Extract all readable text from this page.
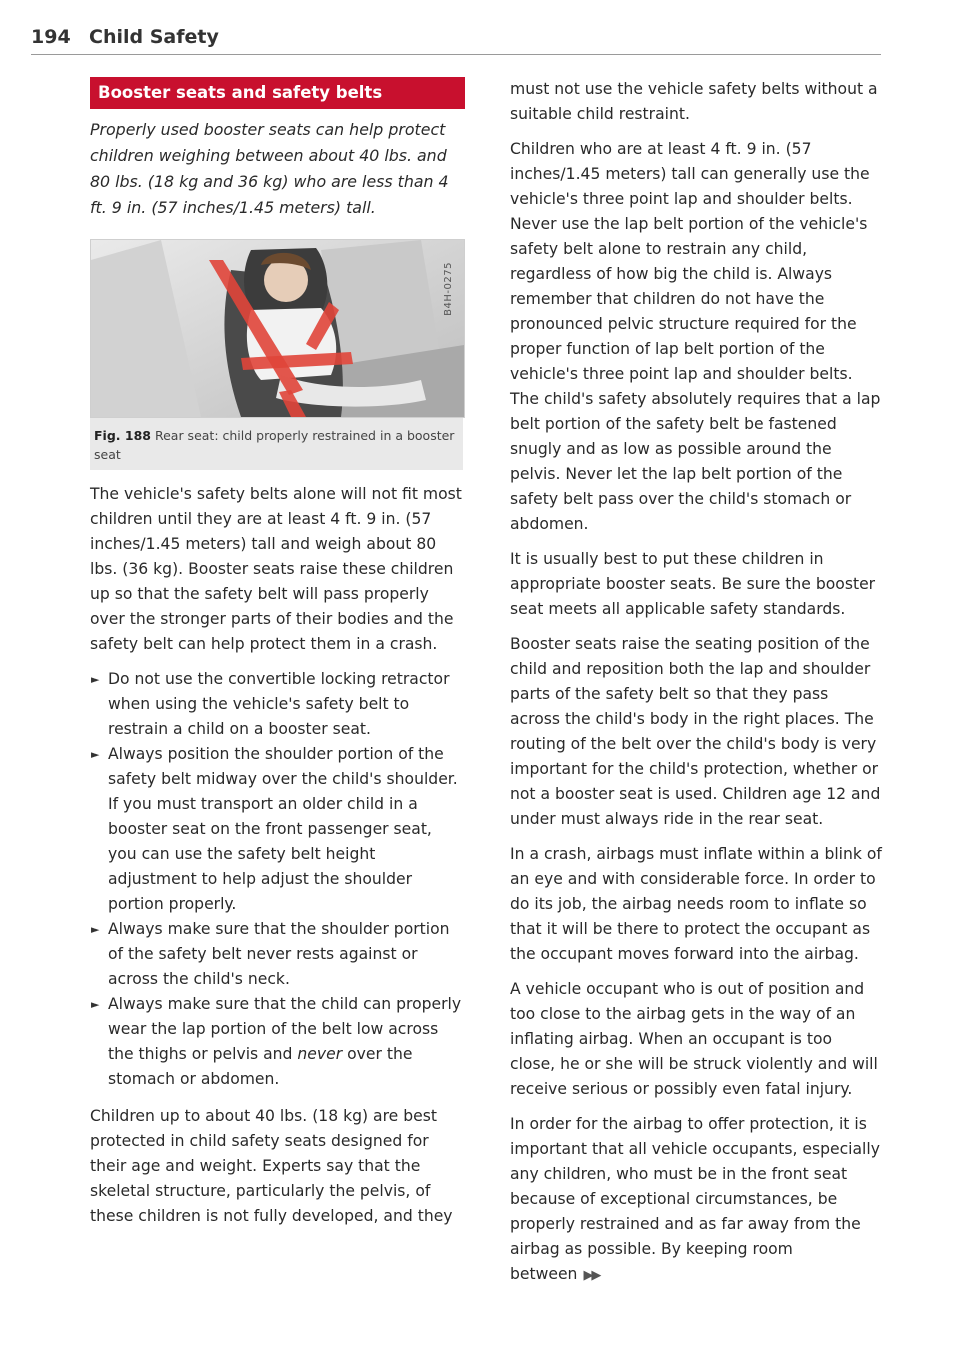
194 Child Safety
Booster seats and safety belts

Properly used booster seats can help protect children weighing between about 40 lbs. and 80 lbs. (18 kg and 36 kg) who are less than 4 ft. 9 in. (57 inches/1.45 meters) tall.

B4H-0275
Fig. 188 Rear seat: child properly restrained in a booster seat

The vehicle's safety belts alone will not fit most children until they are at least 4 ft. 9 in. (57 inches/1.45 meters) tall and weigh about 80 lbs. (36 kg). Booster seats raise these children up so that the safety belt will pass properly over the stronger parts of their bodies and the safety belt can help protect them in a crash.

► Do not use the convertible locking retractor when using the vehicle's safety belt to restrain a child on a booster seat.
► Always position the shoulder portion of the safety belt midway over the child's shoulder. If you must transport an older child in a booster seat on the front passenger seat, you can use the safety belt height adjustment to help adjust the shoulder portion properly.
► Always make sure that the shoulder portion of the safety belt never rests against or across the child's neck.
► Always make sure that the child can properly wear the lap portion of the belt low across the thighs or pelvis and never over the stomach or abdomen.

Children up to about 40 lbs. (18 kg) are best protected in child safety seats designed for their age and weight. Experts say that the skeletal structure, particularly the pelvis, of these children is not fully developed, and they

must not use the vehicle safety belts without a suitable child restraint.

Children who are at least 4 ft. 9 in. (57 inches/1.45 meters) tall can generally use the vehicle's three point lap and shoulder belts. Never use the lap belt portion of the vehicle's safety belt alone to restrain any child, regardless of how big the child is. Always remember that children do not have the pronounced pelvic structure required for the proper function of lap belt portion of the vehicle's three point lap and shoulder belts. The child's safety absolutely requires that a lap belt portion of the safety belt be fastened snugly and as low as possible around the pelvis. Never let the lap belt portion of the safety belt pass over the child's stomach or abdomen.

It is usually best to put these children in appropriate booster seats. Be sure the booster seat meets all applicable safety standards.

Booster seats raise the seating position of the child and reposition both the lap and shoulder parts of the safety belt so that they pass across the child's body in the right places. The routing of the belt over the child's body is very important for the child's protection, whether or not a booster seat is used. Children age 12 and under must always ride in the rear seat.

In a crash, airbags must inflate within a blink of an eye and with considerable force. In order to do its job, the airbag needs room to inflate so that it will be there to protect the occupant as the occupant moves forward into the airbag.

A vehicle occupant who is out of position and too close to the airbag gets in the way of an inflating airbag. When an occupant is too close, he or she will be struck violently and will receive serious or possibly even fatal injury.

In order for the airbag to offer protection, it is important that all vehicle occupants, especially any children, who must be in the front seat because of exceptional circumstances, be properly restrained and as far away from the airbag as possible. By keeping room between ▶▶
